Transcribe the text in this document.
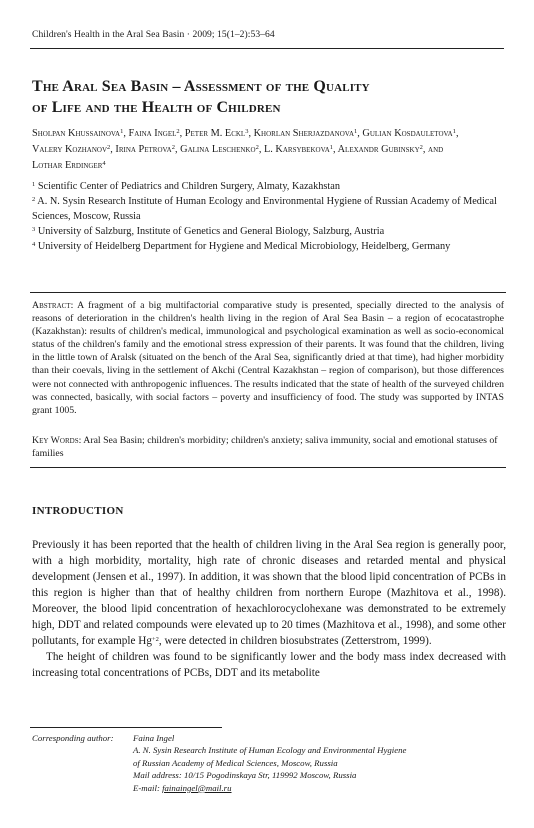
Children's Health in the Aral Sea Basin · 2009; 15(1–2):53–64
The Aral Sea Basin – Assessment of the Quality
of Life and the Health of Children
Sholpan Khussainova$^1$, Faina Ingel$^2$, Peter M. Eckl$^3$, Khorlan Sherjazdanova$^1$, Gulian Kosdauletova$^1$, Valery Kozhanov$^2$, Irina Petrova$^2$, Galina Leschenko$^2$, L. Karsybekova$^1$, Alexandr Gubinsky$^2$, and Lothar Erdinger$^4$

$^1$ Scientific Center of Pediatrics and Children Surgery, Almaty, Kazakhstan

$^2$ A. N. Sysin Research Institute of Human Ecology and Environmental Hygiene of Russian Academy of Medical Sciences, Moscow, Russia

$^3$ University of Salzburg, Institute of Genetics and General Biology, Salzburg, Austria

$^4$ University of Heidelberg Department for Hygiene and Medical Microbiology, Heidelberg, Germany

Abstract: A fragment of a big multifactorial comparative study is presented, specially directed to the analysis of reasons of deterioration in the children's health living in the region of Aral Sea Basin – a region of ecocatastrophe (Kazakhstan): results of children's medical, immunological and psychological examination as well as socio-economical status of the children's family and the emotional stress expression of their parents. It was found that the children, living in the little town of Aralsk (situated on the bench of the Aral Sea, significantly dried at that time), had higher morbidity than their coevals, living in the settlement of Akchi (Central Kazakhstan – region of comparison), but those differences were not connected with anthropogenic influences. The results indicated that the state of health of the surveyed children was connected, basically, with social factors – poverty and insufficiency of food. The study was supported by INTAS grant 1005.
Key Words: Aral Sea Basin; children's morbidity; children's anxiety; saliva immunity, social and emotional statuses of families
INTRODUCTION

Previously it has been reported that the health of children living in the Aral Sea region is generally poor, with a high morbidity, mortality, high rate of chronic diseases and retarded mental and physical development (Jensen et al., 1997). In addition, it was shown that the blood lipid concentration of PCBs in this region is higher than that of healthy children from northern Europe (Mazhitova et al., 1998). Moreover, the blood lipid concentration of hexachlorocyclohexane was demonstrated to be extremely high, DDT and related compounds were elevated up to 20 times (Mazhitova et al., 1998), and some other pollutants, for example $Hg^{+2}$, were detected in children biosubstrates (Zetterstrom, 1999).

The height of children was found to be significantly lower and the body mass index decreased with increasing total concentrations of PCBs, DDT and its metabolite

Corresponding author: Faina Ingel
A. N. Sysin Research Institute of Human Ecology and Environmental Hygiene
of Russian Academy of Medical Sciences, Moscow, Russia
Mail address: 10/15 Pogodinskaya Str, 119992 Moscow, Russia
E-mail: fainaingel@mail.ru
